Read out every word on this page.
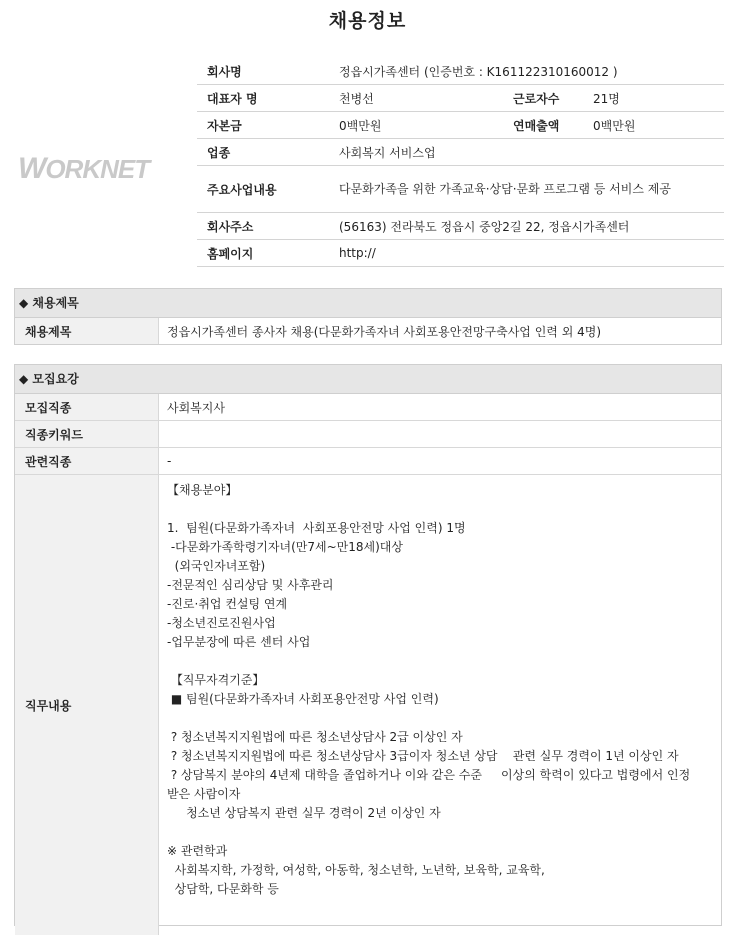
채용정보
WORKNET
회사명	정읍시가족센터 (인증번호 : K161122310160012 )		
대표자 명	천병선	근로자수	21명
자본금	0백만원	연매출액	0백만원
업종	사회복지 서비스업		
주요사업내용	다문화가족을 위한 가족교육·상담·문화 프로그램 등 서비스 제공		
회사주소	(56163) 전라북도 정읍시 중앙2길 22, 정읍시가족센터		
홈페이지	http://		
◆ 채용제목
채용제목	정읍시가족센터 종사자 채용(다문화가족자녀 사회포용안전망구축사업 인력 외 4명)
◆ 모집요강
모집직종	사회복지사
직종키워드
관련직종	-
직무내용
【채용분야】
1.  팀원(다문화가족자녀  사회포용안전망 사업 인력) 1명
-다문화가족학령기자녀(만7세~만18세)대상
(외국인자녀포함)
-전문적인 심리상담 및 사후관리
-진로·취업 컨설팅 연계
-청소년진로진원사업
-업무분장에 따른 센터 사업
【직무자격기준】
■ 팀원(다문화가족자녀 사회포용안전망 사업 인력)
? 청소년복지지원법에 따른 청소년상담사 2급 이상인 자
? 청소년복지지원법에 따른 청소년상담사 3급이자 청소년 상담    관련 실무 경력이 1년 이상인 자
? 상담복지 분야의 4년제 대학을 졸업하거나 이와 같은 수준     이상의 학력이 있다고 법령에서 인정받은 사람이자
청소년 상담복지 관련 실무 경력이 2년 이상인 자
※ 관련학과
사회복지학, 가정학, 여성학, 아동학, 청소년학, 노년학, 보육학, 교육학,
상담학, 다문화학 등
